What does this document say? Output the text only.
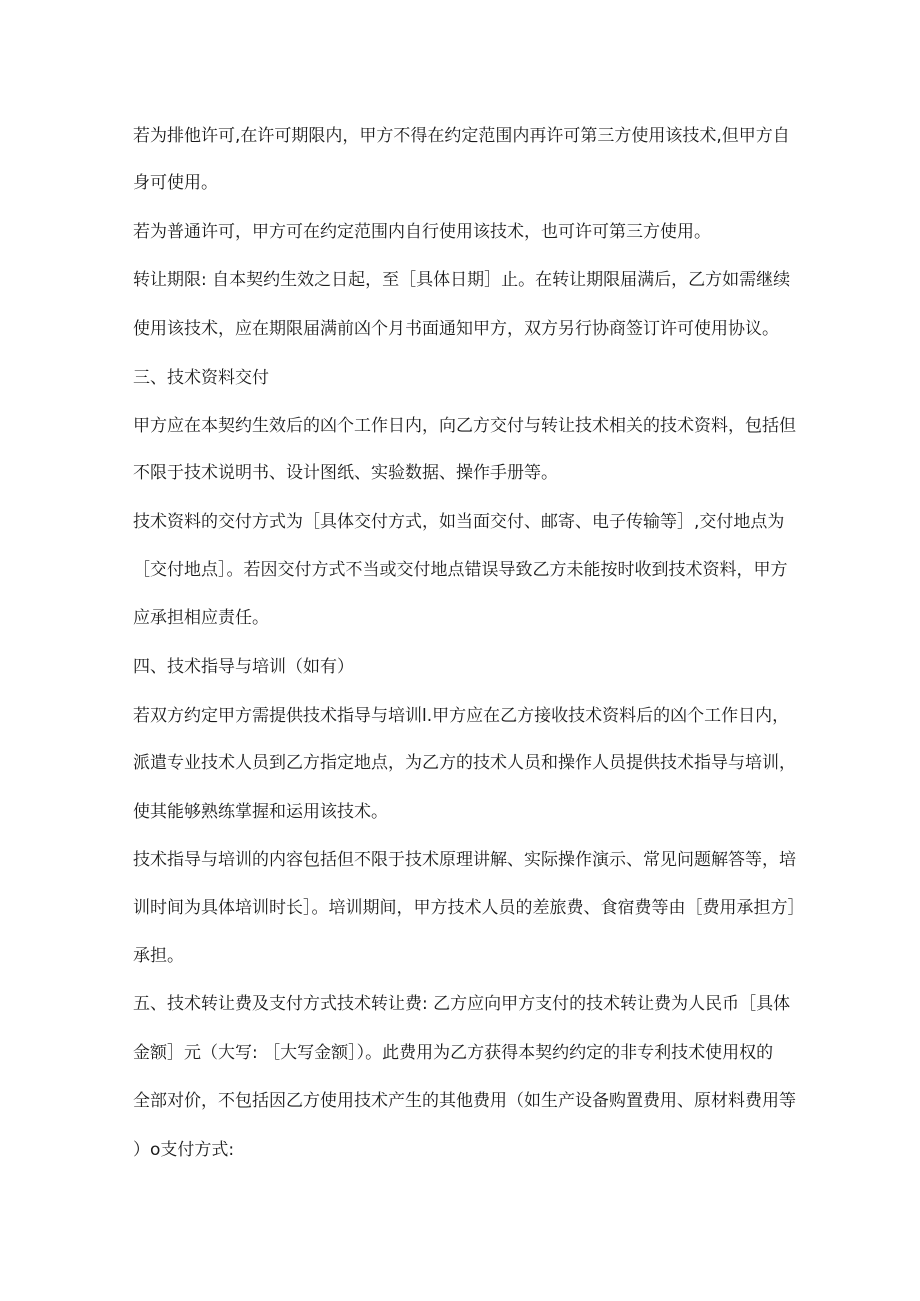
若为排他许可,在许可期限内，甲方不得在约定范围内再许可第三方使用该技术,但甲方自
身可使用。
若为普通许可，甲方可在约定范围内自行使用该技术，也可许可第三方使用。
转让期限: 自本契约生效之日起，至［具体日期］止。在转让期限届满后，乙方如需继续
使用该技术，应在期限届满前凶个月书面通知甲方，双方另行协商签订许可使用协议。
三、技术资料交付
甲方应在本契约生效后的凶个工作日内，向乙方交付与转让技术相关的技术资料，包括但
不限于技术说明书、设计图纸、实验数据、操作手册等。
技术资料的交付方式为［具体交付方式，如当面交付、邮寄、电子传输等］,交付地点为
［交付地点］。若因交付方式不当或交付地点错误导致乙方未能按时收到技术资料，甲方
应承担相应责任。
四、技术指导与培训（如有）
若双方约定甲方需提供技术指导与培训l.甲方应在乙方接收技术资料后的凶个工作日内，
派遣专业技术人员到乙方指定地点，为乙方的技术人员和操作人员提供技术指导与培训，
使其能够熟练掌握和运用该技术。
技术指导与培训的内容包括但不限于技术原理讲解、实际操作演示、常见问题解答等，培
训时间为具体培训时长］。培训期间，甲方技术人员的差旅费、食宿费等由［费用承担方］
承担。
五、技术转让费及支付方式技术转让费: 乙方应向甲方支付的技术转让费为人民币［具体
金额］元（大写: ［大写金额］）。此费用为乙方获得本契约约定的非专利技术使用权的
全部对价，不包括因乙方使用技术产生的其他费用（如生产设备购置费用、原材料费用等
）o支付方式:
